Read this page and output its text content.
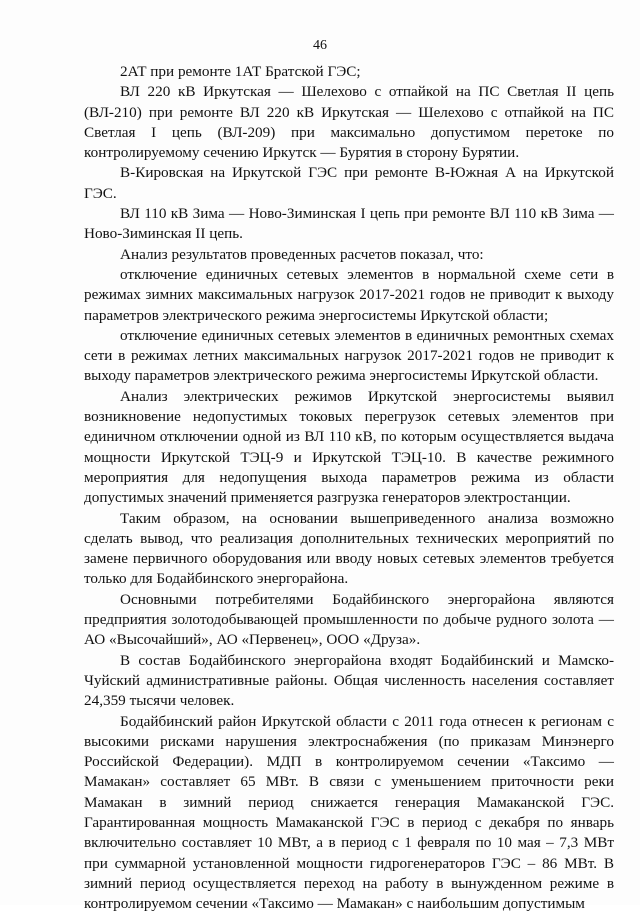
46

2АТ при ремонте 1АТ Братской ГЭС;

ВЛ 220 кВ Иркутская — Шелехово с отпайкой на ПС Светлая II цепь (ВЛ-210) при ремонте ВЛ 220 кВ Иркутская — Шелехово с отпайкой на ПС Светлая I цепь (ВЛ-209) при максимально допустимом перетоке по контролируемому сечению Иркутск — Бурятия в сторону Бурятии.

В-Кировская на Иркутской ГЭС при ремонте В-Южная А на Иркутской ГЭС.

ВЛ 110 кВ Зима — Ново-Зиминская I цепь при ремонте ВЛ 110 кВ Зима — Ново-Зиминская II цепь.

Анализ результатов проведенных расчетов показал, что:

отключение единичных сетевых элементов в нормальной схеме сети в режимах зимних максимальных нагрузок 2017-2021 годов не приводит к выходу параметров электрического режима энергосистемы Иркутской области;

отключение единичных сетевых элементов в единичных ремонтных схемах сети в режимах летних максимальных нагрузок 2017-2021 годов не приводит к выходу параметров электрического режима энергосистемы Иркутской области.

Анализ электрических режимов Иркутской энергосистемы выявил возникновение недопустимых токовых перегрузок сетевых элементов при единичном отключении одной из ВЛ 110 кВ, по которым осуществляется выдача мощности Иркутской ТЭЦ-9 и Иркутской ТЭЦ-10. В качестве режимного мероприятия для недопущения выхода параметров режима из области допустимых значений применяется разгрузка генераторов электростанции.

Таким образом, на основании вышеприведенного анализа возможно сделать вывод, что реализация дополнительных технических мероприятий по замене первичного оборудования или вводу новых сетевых элементов требуется только для Бодайбинского энергорайона.

Основными потребителями Бодайбинского энергорайона являются предприятия золотодобывающей промышленности по добыче рудного золота — АО «Высочайший», АО «Первенец», ООО «Друза».

В состав Бодайбинского энергорайона входят Бодайбинский и Мамско-Чуйский административные районы. Общая численность населения составляет 24,359 тысячи человек.

Бодайбинский район Иркутской области с 2011 года отнесен к регионам с высокими рисками нарушения электроснабжения (по приказам Минэнерго Российской Федерации). МДП в контролируемом сечении «Таксимо — Мамакан» составляет 65 МВт. В связи с уменьшением приточности реки Мамакан в зимний период снижается генерация Мамаканской ГЭС. Гарантированная мощность Мамаканской ГЭС в период с декабря по январь включительно составляет 10 МВт, а в период с 1 февраля по 10 мая – 7,3 МВт при суммарной установленной мощности гидрогенераторов ГЭС – 86 МВт. В зимний период осуществляется переход на работу в вынужденном режиме в контролируемом сечении «Таксимо — Мамакан» с наибольшим допустимым
